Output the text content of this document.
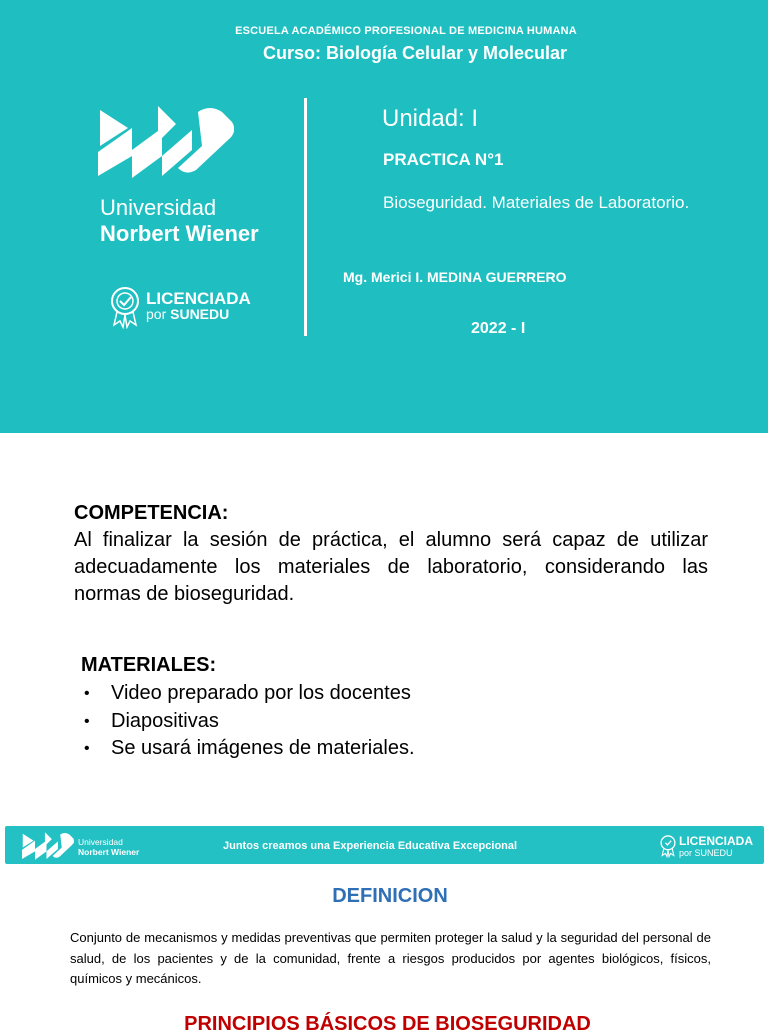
ESCUELA ACADÉMICO PROFESIONAL DE MEDICINA HUMANA
Curso: Biología Celular y Molecular
Universidad
Norbert Wiener
LICENCIADA
por SUNEDU
Unidad: I
PRACTICA N°1
Bioseguridad. Materiales de Laboratorio.
Mg. Merici I. MEDINA GUERRERO
2022 - I
COMPETENCIA:
Al finalizar la sesión de práctica, el alumno será capaz de utilizar adecuadamente los materiales de laboratorio, considerando las normas de bioseguridad.
MATERIALES:
• Video preparado por los docentes
• Diapositivas
• Se usará imágenes de materiales.
Universidad
Norbert Wiener	Juntos creamos una Experiencia Educativa Excepcional	LICENCIADA
por SUNEDU
DEFINICION
Conjunto de mecanismos y medidas preventivas que permiten proteger la salud y la seguridad del personal de salud, de los pacientes y de la comunidad, frente a riesgos producidos por agentes biológicos, físicos, químicos y mecánicos.
PRINCIPIOS BÁSICOS DE BIOSEGURIDAD
